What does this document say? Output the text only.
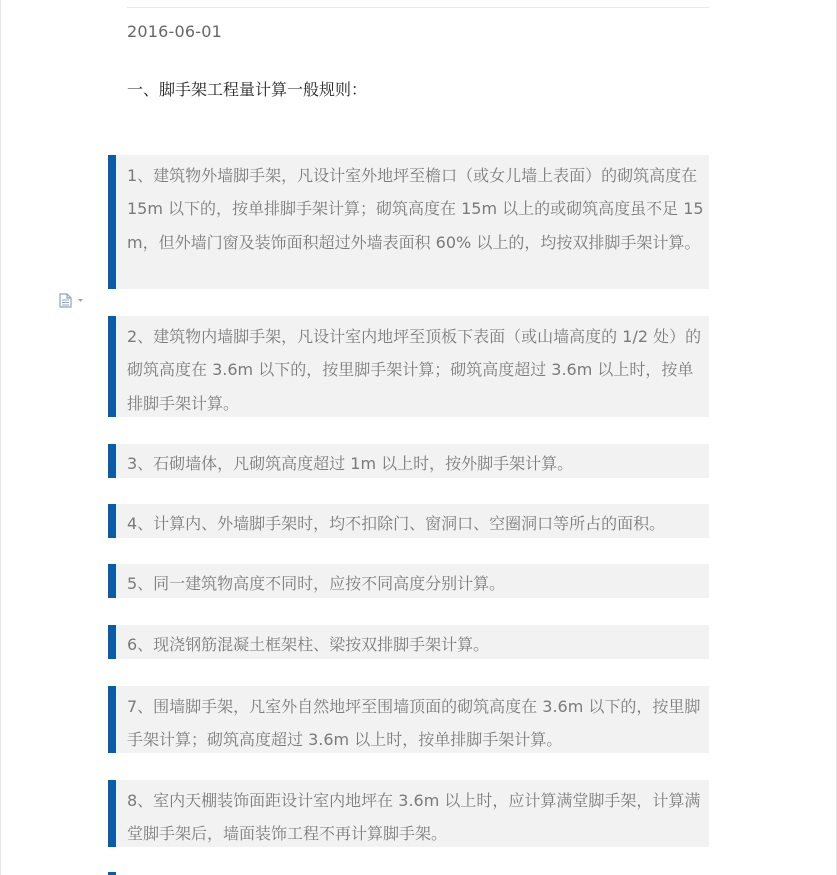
2016-06-01
一、脚手架工程量计算一般规则：

1、建筑物外墙脚手架，凡设计室外地坪至檐口（或女儿墙上表面）的砌筑高度在 15m 以下的，按单排脚手架计算；砌筑高度在 15m 以上的或砌筑高度虽不足 15m，但外墙门窗及装饰面积超过外墙表面积 60% 以上的，均按双排脚手架计算。

2、建筑物内墙脚手架，凡设计室内地坪至顶板下表面（或山墙高度的 1/2 处）的砌筑高度在 3.6m 以下的，按里脚手架计算；砌筑高度超过 3.6m 以上时，按单排脚手架计算。

3、石砌墙体，凡砌筑高度超过 1m 以上时，按外脚手架计算。

4、计算内、外墙脚手架时，均不扣除门、窗洞口、空圈洞口等所占的面积。

5、同一建筑物高度不同时，应按不同高度分别计算。

6、现浇钢筋混凝土框架柱、梁按双排脚手架计算。

7、围墙脚手架，凡室外自然地坪至围墙顶面的砌筑高度在 3.6m 以下的，按里脚手架计算；砌筑高度超过 3.6m 以上时，按单排脚手架计算。

8、室内天棚装饰面距设计室内地坪在 3.6m 以上时，应计算满堂脚手架，计算满堂脚手架后，墙面装饰工程不再计算脚手架。
